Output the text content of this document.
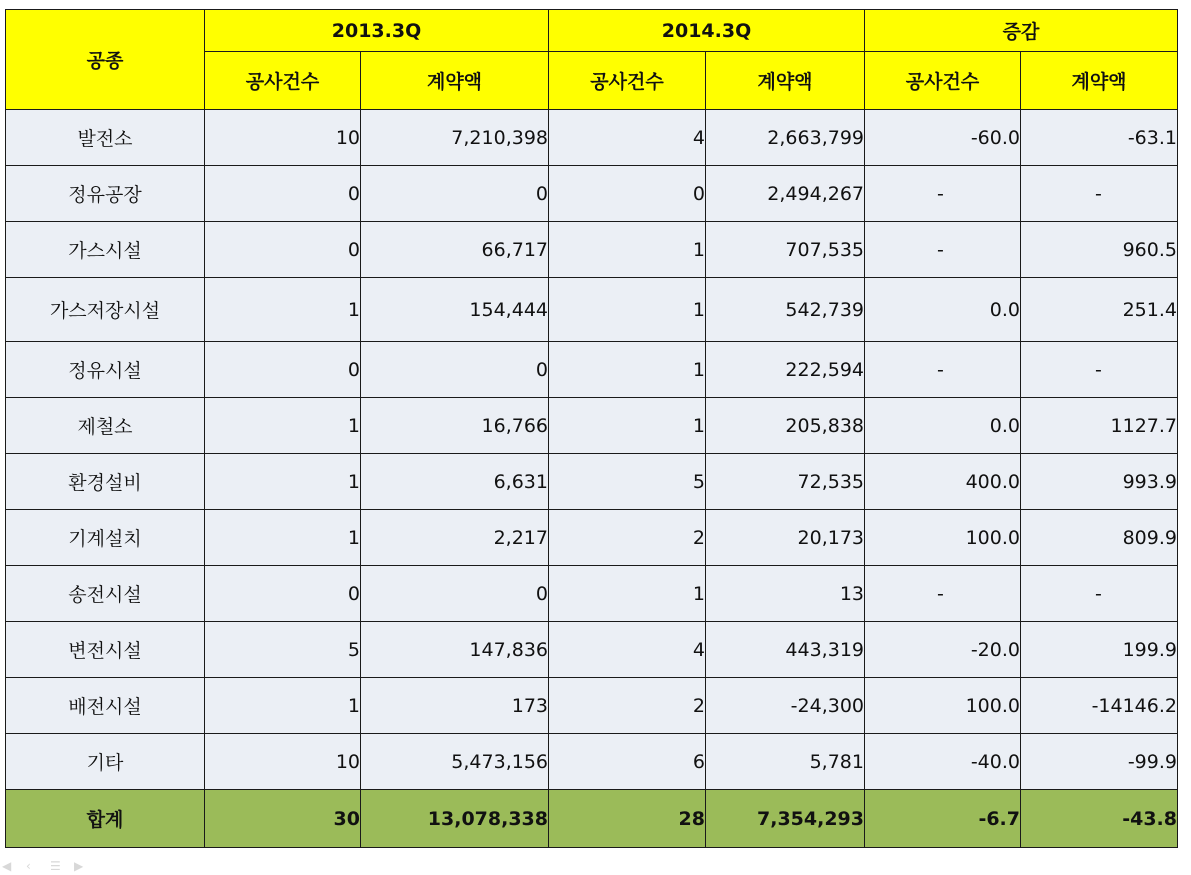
공종	2013.3Q		2014.3Q		증감	
	공사건수	계약액	공사건수	계약액	공사건수	계약액
발전소	10	7,210,398	4	2,663,799	-60.0	-63.1
정유공장	0	0	0	2,494,267	-	-
가스시설	0	66,717	1	707,535	-	960.5
가스저장시설	1	154,444	1	542,739	0.0	251.4
정유시설	0	0	1	222,594	-	-
제철소	1	16,766	1	205,838	0.0	1127.7
환경설비	1	6,631	5	72,535	400.0	993.9
기계설치	1	2,217	2	20,173	100.0	809.9
송전시설	0	0	1	13	-	-
변전시설	5	147,836	4	443,319	-20.0	199.9
배전시설	1	173	2	-24,300	100.0	-14146.2
기타	10	5,473,156	6	5,781	-40.0	-99.9
합계	30	13,078,338	28	7,354,293	-6.7	-43.8
◀	‹	☰ ▶
